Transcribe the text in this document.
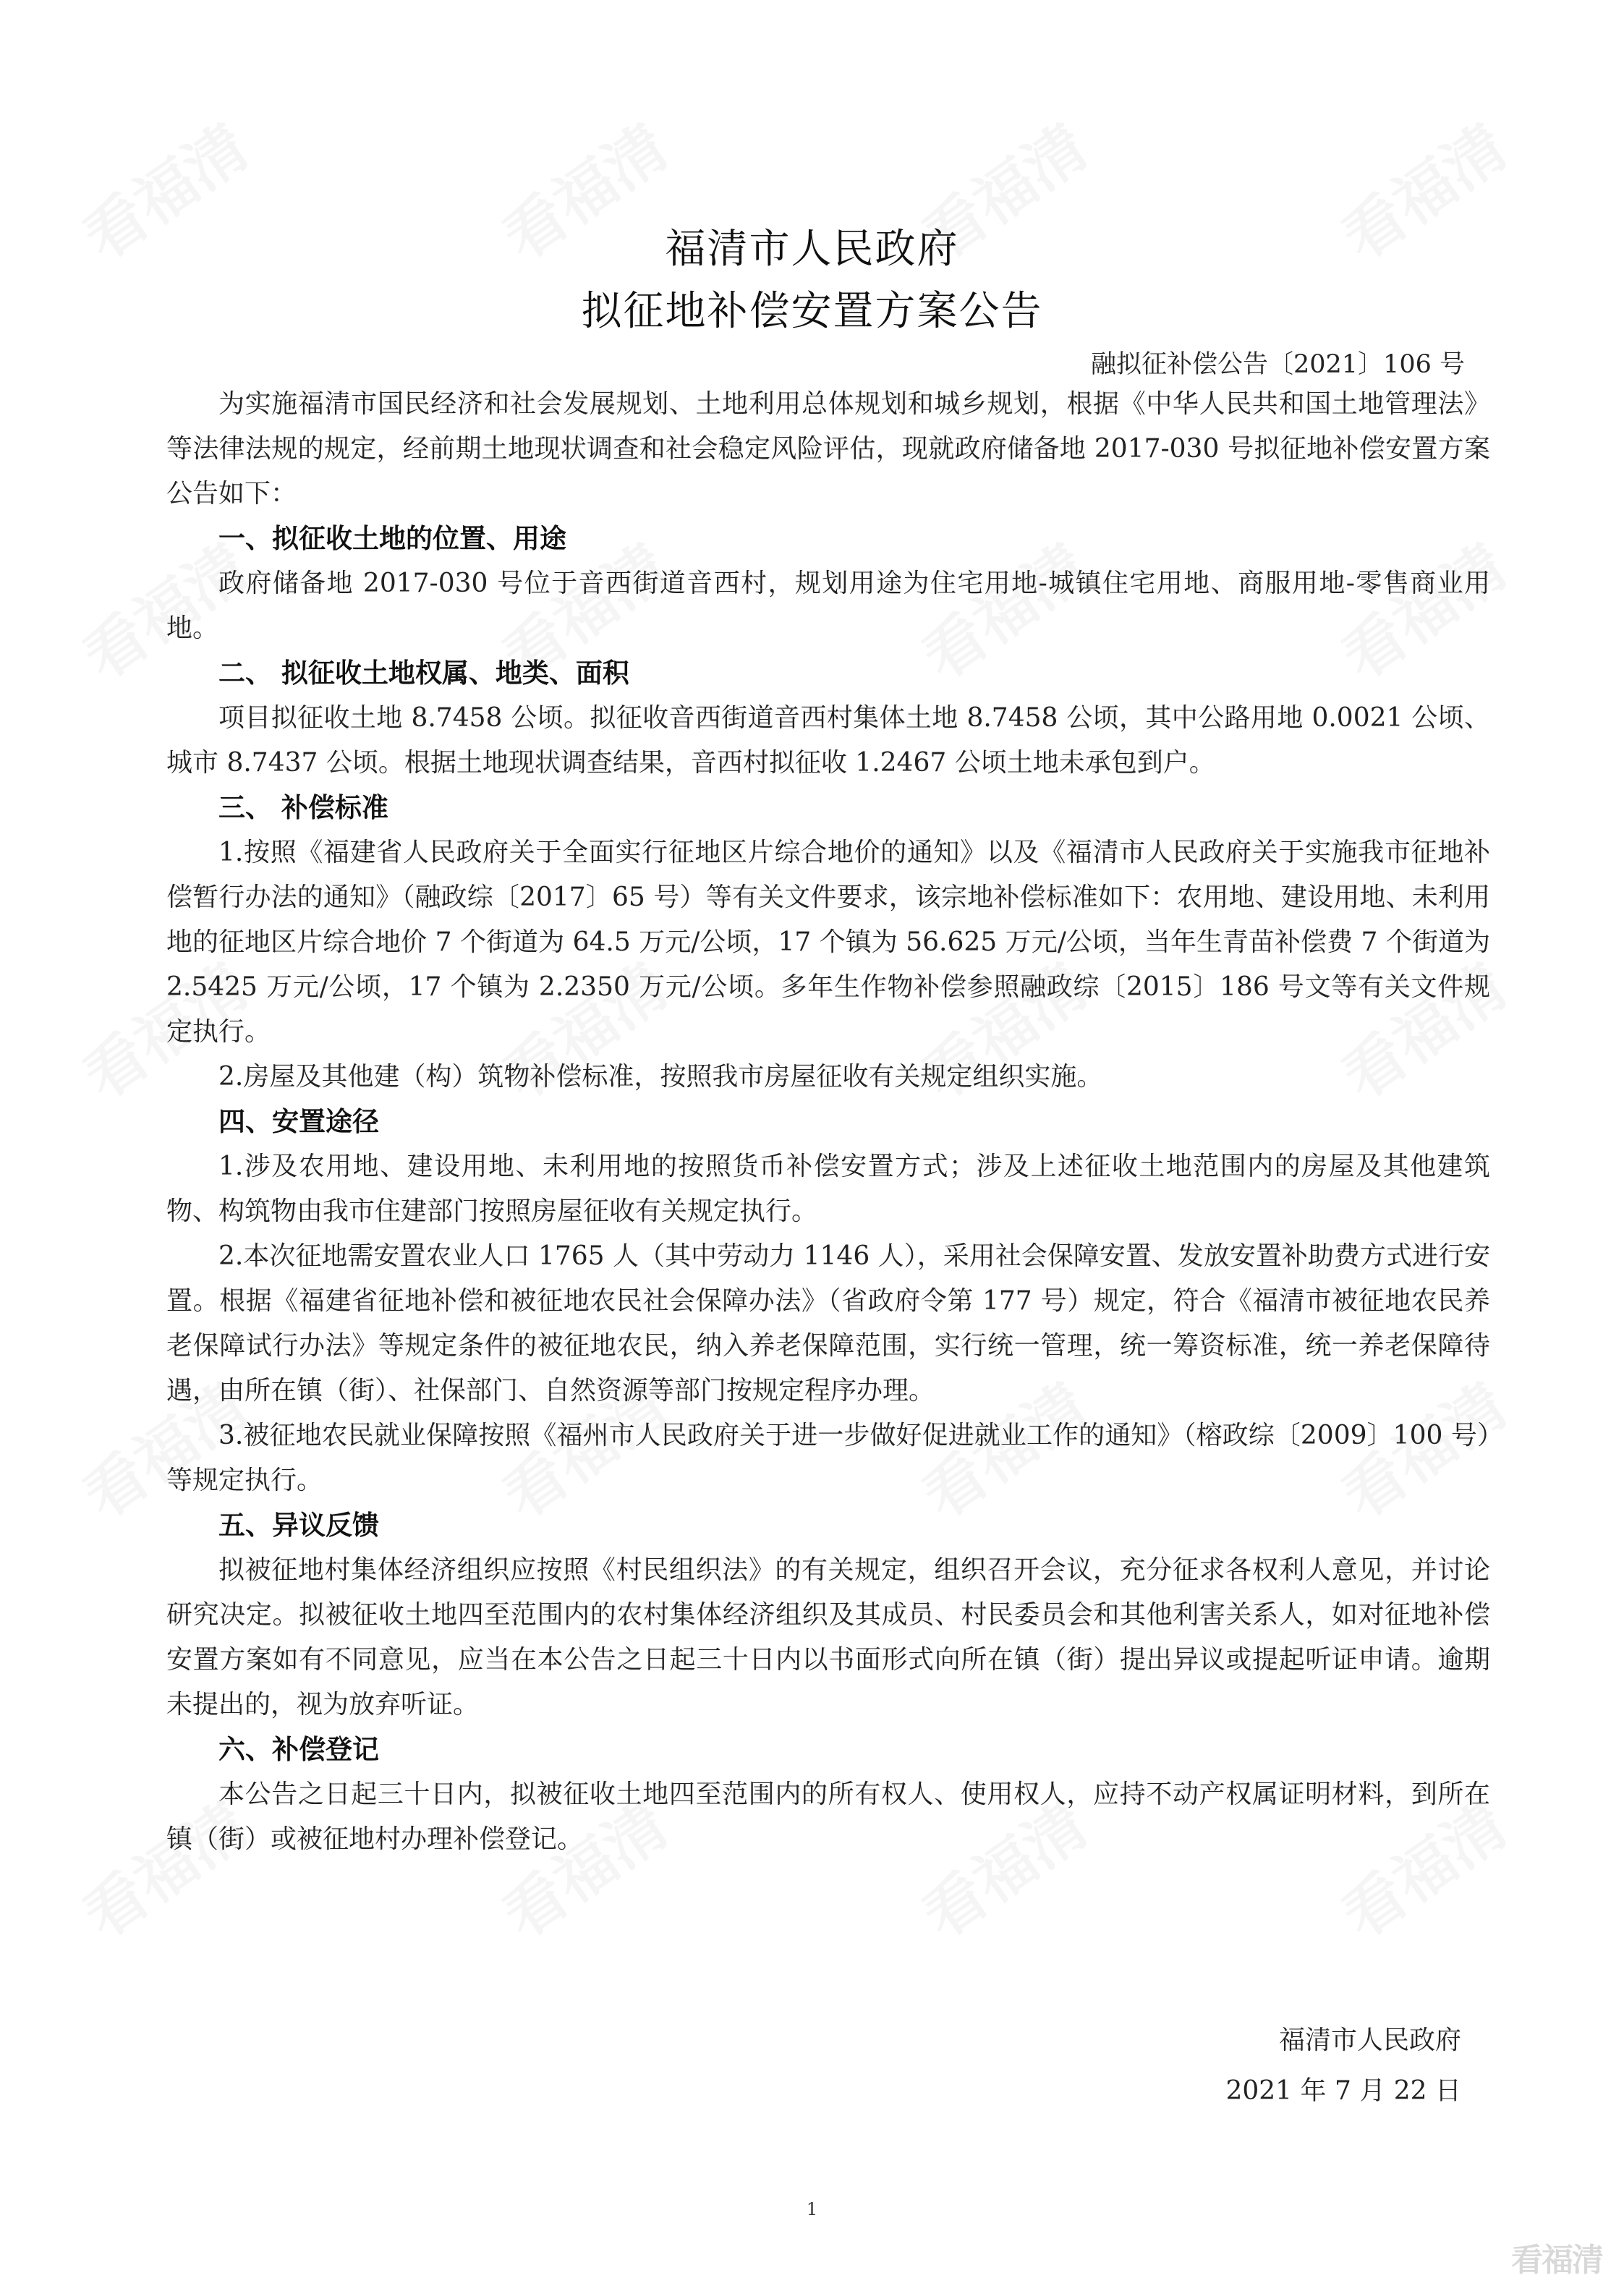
福清市人民政府
拟征地补偿安置方案公告
融拟征补偿公告〔2021〕106 号

为实施福清市国民经济和社会发展规划、土地利用总体规划和城乡规划，根据《中华人民共和国土地管理法》等法律法规的规定，经前期土地现状调查和社会稳定风险评估，现就政府储备地 2017-030 号拟征地补偿安置方案公告如下：

一、拟征收土地的位置、用途

政府储备地 2017-030 号位于音西街道音西村，规划用途为住宅用地-城镇住宅用地、商服用地-零售商业用地。

二、 拟征收土地权属、地类、面积

项目拟征收土地 8.7458 公顷。拟征收音西街道音西村集体土地 8.7458 公顷，其中公路用地 0.0021 公顷、城市 8.7437 公顷。根据土地现状调查结果，音西村拟征收 1.2467 公顷土地未承包到户。

三、 补偿标准

1.按照《福建省人民政府关于全面实行征地区片综合地价的通知》以及《福清市人民政府关于实施我市征地补偿暂行办法的通知》（融政综〔2017〕65 号）等有关文件要求，该宗地补偿标准如下：农用地、建设用地、未利用地的征地区片综合地价 7 个街道为 64.5 万元/公顷，17 个镇为 56.625 万元/公顷，当年生青苗补偿费 7 个街道为 2.5425 万元/公顷，17 个镇为 2.2350 万元/公顷。多年生作物补偿参照融政综〔2015〕186 号文等有关文件规定执行。

2.房屋及其他建（构）筑物补偿标准，按照我市房屋征收有关规定组织实施。

四、安置途径

1.涉及农用地、建设用地、未利用地的按照货币补偿安置方式；涉及上述征收土地范围内的房屋及其他建筑物、构筑物由我市住建部门按照房屋征收有关规定执行。

2.本次征地需安置农业人口 1765 人（其中劳动力 1146 人），采用社会保障安置、发放安置补助费方式进行安置。根据《福建省征地补偿和被征地农民社会保障办法》（省政府令第 177 号）规定，符合《福清市被征地农民养老保障试行办法》等规定条件的被征地农民，纳入养老保障范围，实行统一管理，统一筹资标准，统一养老保障待遇，由所在镇（街）、社保部门、自然资源等部门按规定程序办理。

3.被征地农民就业保障按照《福州市人民政府关于进一步做好促进就业工作的通知》（榕政综〔2009〕100 号）等规定执行。

五、异议反馈

拟被征地村集体经济组织应按照《村民组织法》的有关规定，组织召开会议，充分征求各权利人意见，并讨论研究决定。拟被征收土地四至范围内的农村集体经济组织及其成员、村民委员会和其他利害关系人，如对征地补偿安置方案如有不同意见，应当在本公告之日起三十日内以书面形式向所在镇（街）提出异议或提起听证申请。逾期未提出的，视为放弃听证。

六、补偿登记

本公告之日起三十日内，拟被征收土地四至范围内的所有权人、使用权人，应持不动产权属证明材料，到所在镇（街）或被征地村办理补偿登记。

福清市人民政府
2021 年 7 月 22 日
1
看福清
